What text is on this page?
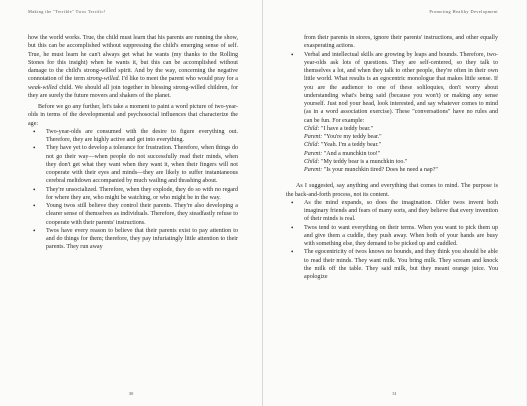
Making the "Terrible" Twos Terrific!

how the world works. True, the child must learn that his parents are running the show, but this can be accomplished without suppressing the child's emerging sense of self. True, he must learn he can't always get what he wants (my thanks to the Rolling Stones for this insight) when he wants it, but this can be accomplished without damage to the child's strong-willed spirit. And by the way, concerning the negative connotation of the term strong-willed. I'd like to meet the parent who would pray for a weak-willed child. We should all join together in blessing strong-willed children, for they are surely the future movers and shakers of the planet.

Before we go any further, let's take a moment to paint a word picture of two-year-olds in terms of the developmental and psychosocial influences that characterize the age:

• Two-year-olds are consumed with the desire to figure everything out. Therefore, they are highly active and get into everything.
• They have yet to develop a tolerance for frustration. Therefore, when things do not go their way—when people do not successfully read their minds, when they don't get what they want when they want it, when their fingers will not cooperate with their eyes and minds—they are likely to suffer instantaneous cerebral meltdown accompanied by much wailing and thrashing about.
• They're unsocialized. Therefore, when they explode, they do so with no regard for where they are, who might be watching, or who might be in the way.
• Young twos still believe they control their parents. They're also developing a clearer sense of themselves as individuals. Therefore, they steadfastly refuse to cooperate with their parents' instructions.
• Twos have every reason to believe that their parents exist to pay attention to and do things for them; therefore, they pay infuriatingly little attention to their parents. They run away
30
Promoting Healthy Development

from their parents in stores, ignore their parents' instructions, and other equally exasperating actions.

• Verbal and intellectual skills are growing by leaps and bounds. Therefore, two-year-olds ask lots of questions. They are self-centered, so they talk to themselves a lot, and when they talk to other people, they're often in their own little world. What results is an egocentric monologue that makes little sense. If you are the audience to one of these soliloquies, don't worry about understanding what's being said (because you won't) or making any sense yourself. Just nod your head, look interested, and say whatever comes to mind (as in a word association exercise). These "conversations" have no rules and can be fun. For example:
Child: "I have a teddy bear."
Parent: "You're my teddy bear."
Child: "Yeah. I'm a teddy bear."
Parent: "And a munchkin too!"
Child: "My teddy bear is a munchkin too."
Parent: "Is your munchkin tired? Does he need a nap?"

As I suggested, say anything and everything that comes to mind. The purpose is the back-and-forth process, not its content.

• As the mind expands, so does the imagination. Older twos invent both imaginary friends and fears of many sorts, and they believe that every invention of their minds is real.
• Twos tend to want everything on their terms. When you want to pick them up and give them a cuddle, they push away. When both of your hands are busy with something else, they demand to be picked up and cuddled.
• The egocentricity of twos knows no bounds, and they think you should be able to read their minds. They want milk. You bring milk. They scream and knock the milk off the table. They said milk, but they meant orange juice. You apologize
31
